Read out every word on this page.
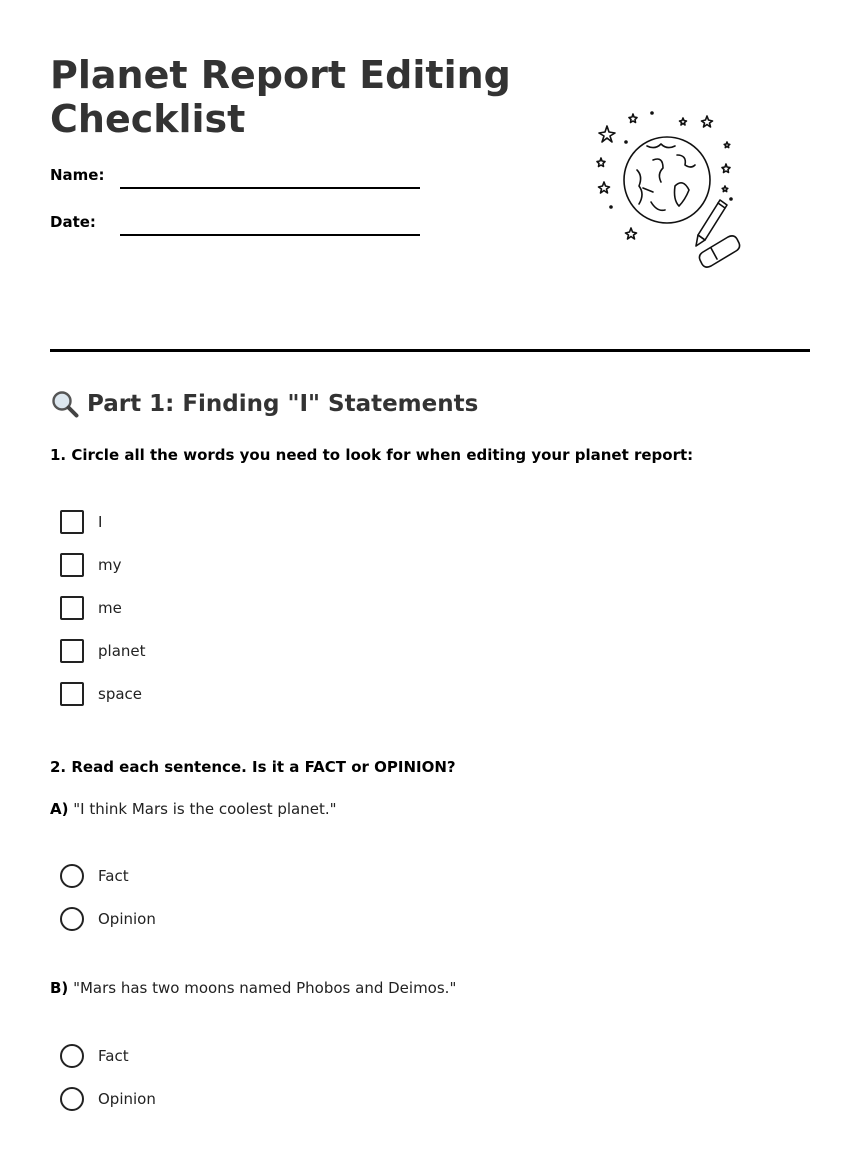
Planet Report Editing Checklist
Name:
Date:
Part 1: Finding "I" Statements
1. Circle all the words you need to look for when editing your planet report:
I
my
me
planet
space
2. Read each sentence. Is it a FACT or OPINION?
A) "I think Mars is the coolest planet."
Fact
Opinion
B) "Mars has two moons named Phobos and Deimos."
Fact
Opinion
